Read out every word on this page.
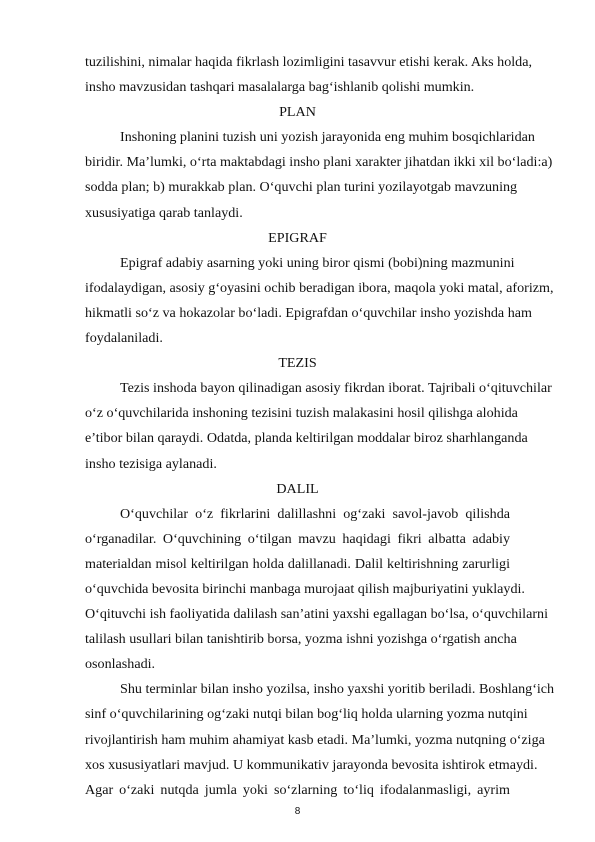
tuzilishini, nimalar haqida fikrlash lozimligini tasavvur etishi kerak. Aks holda,
insho mavzusidan tashqari masalalarga bag‘ishlanib qolishi mumkin.
PLAN
Inshoning planini tuzish uni yozish jarayonida eng muhim bosqichlaridan
biridir. Ma’lumki, o‘rta maktabdagi insho plani xarakter jihatdan ikki xil bo‘ladi:a)
sodda plan; b) murakkab plan. O‘quvchi plan turini yozilayotgab mavzuning
xususiyatiga qarab tanlaydi.
EPIGRAF
Epigraf adabiy asarning yoki uning biror qismi (bobi)ning mazmunini
ifodalaydigan, asosiy g‘oyasini ochib beradigan ibora, maqola yoki matal, aforizm,
hikmatli so‘z va hokazolar bo‘ladi. Epigrafdan o‘quvchilar insho yozishda ham
foydalaniladi.
TEZIS
Tezis inshoda bayon qilinadigan asosiy fikrdan iborat. Tajribali o‘qituvchilar
o‘z o‘quvchilarida inshoning tezisini tuzish malakasini hosil qilishga alohida
e’tibor bilan qaraydi. Odatda, planda keltirilgan moddalar biroz sharhlanganda
insho tezisiga aylanadi.
DALIL
O‘quvchilar o‘z fikrlarini dalillashni og‘zaki savol-javob qilishda
o‘rganadilar. O‘quvchining o‘tilgan mavzu haqidagi fikri albatta adabiy
materialdan misol keltirilgan holda dalillanadi. Dalil keltirishning zarurligi
o‘quvchida bevosita birinchi manbaga murojaat qilish majburiyatini yuklaydi.
O‘qituvchi ish faoliyatida dalilash san’atini yaxshi egallagan bo‘lsa, o‘quvchilarni
talilash usullari bilan tanishtirib borsa, yozma ishni yozishga o‘rgatish ancha
osonlashadi.
Shu terminlar bilan insho yozilsa, insho yaxshi yoritib beriladi. Boshlang‘ich
sinf o‘quvchilarining og‘zaki nutqi bilan bog‘liq holda ularning yozma nutqini
rivojlantirish ham muhim ahamiyat kasb etadi. Ma’lumki, yozma nutqning o‘ziga
xos xususiyatlari mavjud. U kommunikativ jarayonda bevosita ishtirok etmaydi.
Agar o‘zaki nutqda jumla yoki so‘zlarning to‘liq ifodalanmasligi, ayrim
8
